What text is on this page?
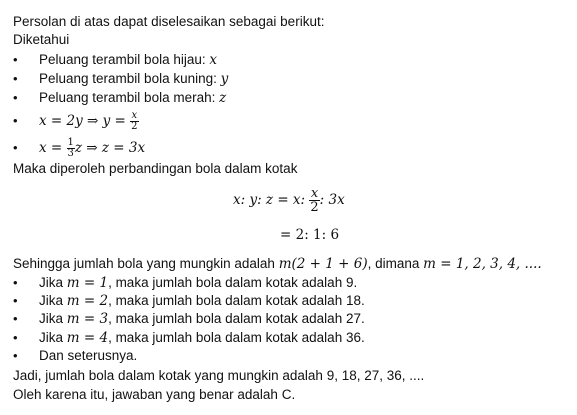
Persolan di atas dapat diselesaikan sebagai berikut:
Diketahui
• Peluang terambil bola hijau: x
• Peluang terambil bola kuning: y
• Peluang terambil bola merah: z
• x = 2y ⇒ $y = \frac{x}{2}$
• $x = \frac{1}{3}$ z ⇒ z = 3x
Maka diperoleh perbandingan bola dalam kotak
x: y: z = x: $\frac{x}{2}$ : 3x
= 2: 1: 6
Sehingga jumlah bola yang mungkin adalah m(2 + 1 + 6), dimana m = 1, 2, 3, 4, ....
• Jika m = 1, maka jumlah bola dalam kotak adalah 9.
• Jika m = 2, maka jumlah bola dalam kotak adalah 18.
• Jika m = 3, maka jumlah bola dalam kotak adalah 27.
• Jika m = 4, maka jumlah bola dalam kotak adalah 36.
• Dan seterusnya.
Jadi, jumlah bola dalam kotak yang mungkin adalah 9, 18, 27, 36, ....
Oleh karena itu, jawaban yang benar adalah C.
